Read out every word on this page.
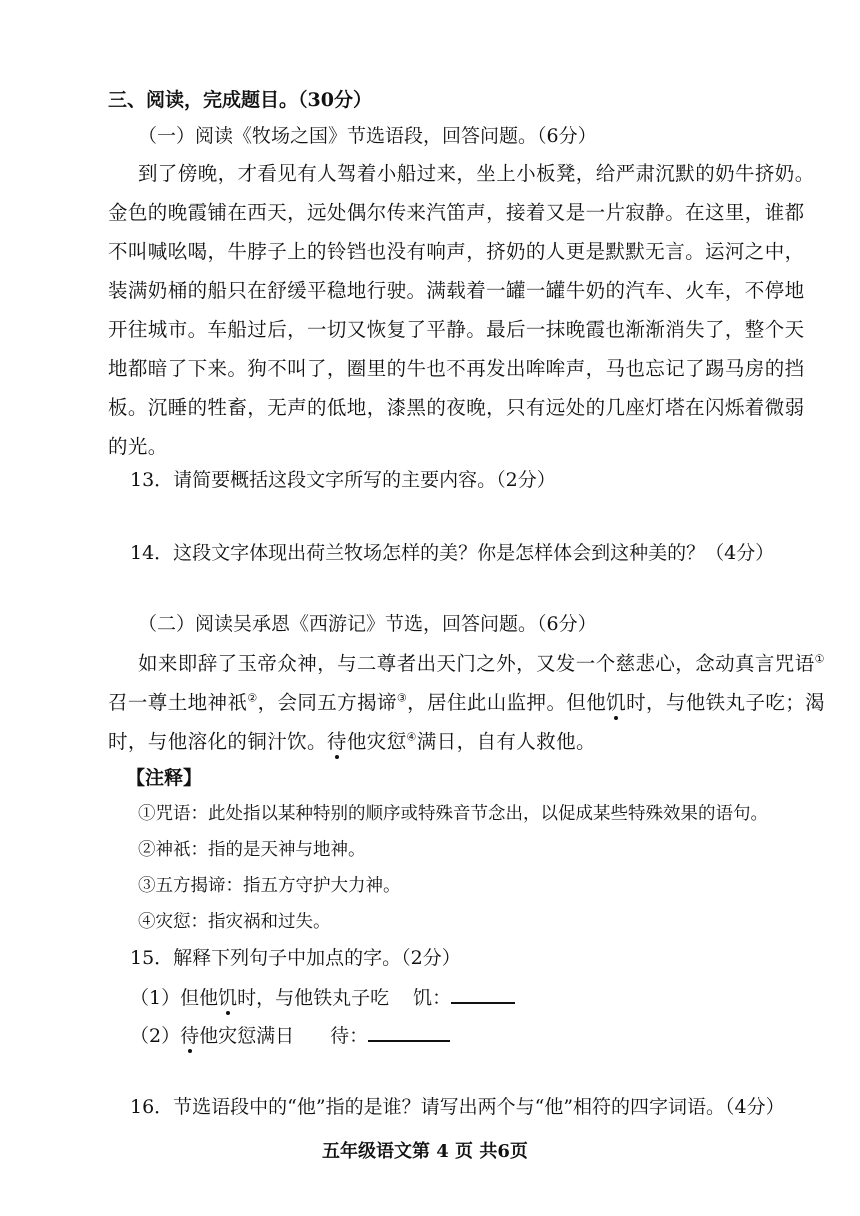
三、阅读，完成题目。（30分）
（一）阅读《牧场之国》节选语段，回答问题。（6分）
到了傍晚，才看见有人驾着小船过来，坐上小板凳，给严肃沉默的奶牛挤奶。
金色的晚霞铺在西天，远处偶尔传来汽笛声，接着又是一片寂静。在这里，谁都
不叫喊吆喝，牛脖子上的铃铛也没有响声，挤奶的人更是默默无言。运河之中，
装满奶桶的船只在舒缓平稳地行驶。满载着一罐一罐牛奶的汽车、火车，不停地
开往城市。车船过后，一切又恢复了平静。最后一抹晚霞也渐渐消失了，整个天
地都暗了下来。狗不叫了，圈里的牛也不再发出哞哞声，马也忘记了踢马房的挡
板。沉睡的牲畜，无声的低地，漆黑的夜晚，只有远处的几座灯塔在闪烁着微弱
的光。
13．请简要概括这段文字所写的主要内容。（2分）
14．这段文字体现出荷兰牧场怎样的美？你是怎样体会到这种美的？（4分）
（二）阅读吴承恩《西游记》节选，回答问题。（6分）
如来即辞了玉帝众神，与二尊者出天门之外，又发一个慈悲心，念动真言咒语①
召一尊土地神祇②，会同五方揭谛③，居住此山监押。但他饥时，与他铁丸子吃；渴
时，与他溶化的铜汁饮。待他灾愆④满日，自有人救他。
【注释】
①咒语：此处指以某种特别的顺序或特殊音节念出，以促成某些特殊效果的语句。
②神祇：指的是天神与地神。
③五方揭谛：指五方守护大力神。
④灾愆：指灾祸和过失。
15．解释下列句子中加点的字。（2分）
（1）但他饥时，与他铁丸子吃 饥：
（2）待他灾愆满日 待：
16．节选语段中的“他”指的是谁？请写出两个与“他”相符的四字词语。（4分）
五年级语文第 4 页 共6页
